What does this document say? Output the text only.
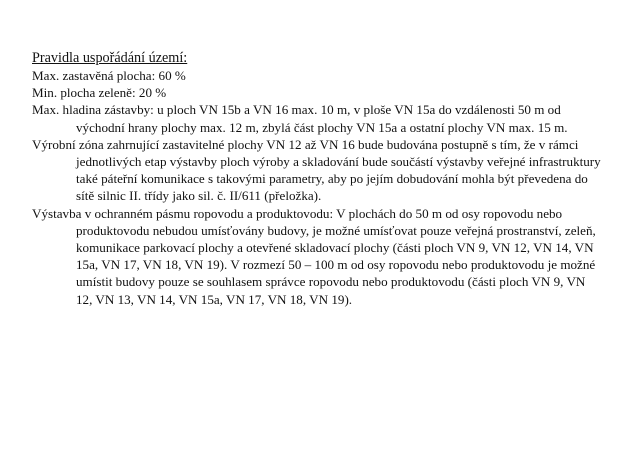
Pravidla uspořádání území:

Max. zastavěná plocha: 60 %

Min. plocha zeleně: 20 %

Max. hladina zástavby: u ploch VN 15b a VN 16 max. 10 m, v ploše VN 15a do vzdálenosti 50 m od východní hrany plochy max. 12 m, zbylá část plochy VN 15a a ostatní plochy VN max. 15 m.

Výrobní zóna zahrnující zastavitelné plochy VN 12 až VN 16 bude budována postupně s tím, že v rámci jednotlivých etap výstavby ploch výroby a skladování bude součástí výstavby veřejné infrastruktury také páteřní komunikace s takovými parametry, aby po jejím dobudování mohla být převedena do sítě silnic II. třídy jako sil. č. II/611 (přeložka).

Výstavba v ochranném pásmu ropovodu a produktovodu: V plochách do 50 m od osy ropovodu nebo produktovodu nebudou umísťovány budovy, je možné umísťovat pouze veřejná prostranství, zeleň, komunikace parkovací plochy a otevřené skladovací plochy (části ploch VN 9, VN 12, VN 14, VN 15a, VN 17, VN 18, VN 19). V rozmezí 50 – 100 m od osy ropovodu nebo produktovodu je možné umístit budovy pouze se souhlasem správce ropovodu nebo produktovodu (části ploch VN 9, VN 12, VN 13, VN 14, VN 15a, VN 17, VN 18, VN 19).
